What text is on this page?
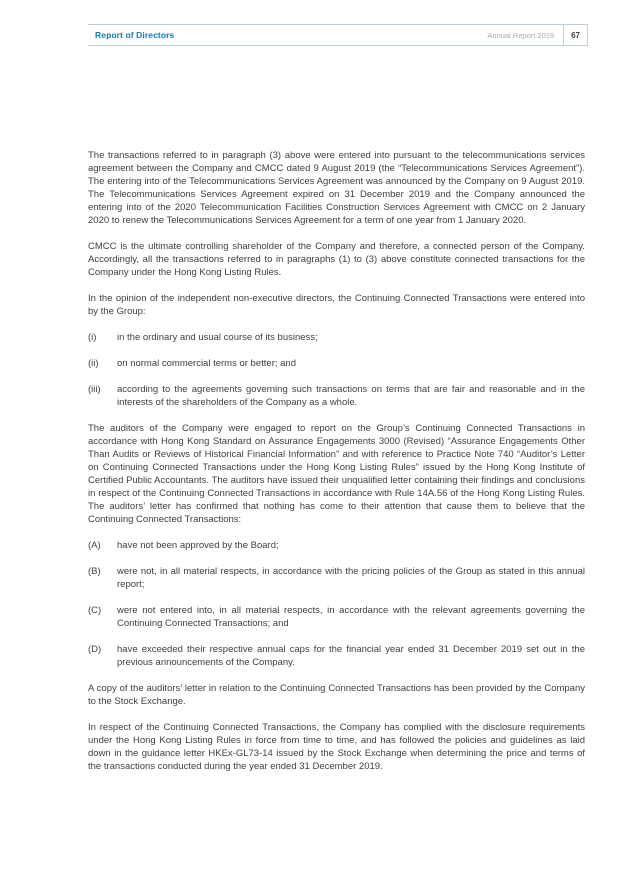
Report of Directors	Annual Report 2019	67

The transactions referred to in paragraph (3) above were entered into pursuant to the telecommunications services agreement between the Company and CMCC dated 9 August 2019 (the “Telecommunications Services Agreement”). The entering into of the Telecommunications Services Agreement was announced by the Company on 9 August 2019. The Telecommunications Services Agreement expired on 31 December 2019 and the Company announced the entering into of the 2020 Telecommunication Facilities Construction Services Agreement with CMCC on 2 January 2020 to renew the Telecommunications Services Agreement for a term of one year from 1 January 2020.

CMCC is the ultimate controlling shareholder of the Company and therefore, a connected person of the Company. Accordingly, all the transactions referred to in paragraphs (1) to (3) above constitute connected transactions for the Company under the Hong Kong Listing Rules.

In the opinion of the independent non-executive directors, the Continuing Connected Transactions were entered into by the Group:

(i)	in the ordinary and usual course of its business;
(ii)	on normal commercial terms or better; and
(iii)	according to the agreements governing such transactions on terms that are fair and reasonable and in the interests of the shareholders of the Company as a whole.

The auditors of the Company were engaged to report on the Group’s Continuing Connected Transactions in accordance with Hong Kong Standard on Assurance Engagements 3000 (Revised) “Assurance Engagements Other Than Audits or Reviews of Historical Financial Information” and with reference to Practice Note 740 “Auditor’s Letter on Continuing Connected Transactions under the Hong Kong Listing Rules” issued by the Hong Kong Institute of Certified Public Accountants. The auditors have issued their unqualified letter containing their findings and conclusions in respect of the Continuing Connected Transactions in accordance with Rule 14A.56 of the Hong Kong Listing Rules. The auditors’ letter has confirmed that nothing has come to their attention that cause them to believe that the Continuing Connected Transactions:

(A)	have not been approved by the Board;
(B)	were not, in all material respects, in accordance with the pricing policies of the Group as stated in this annual report;
(C)	were not entered into, in all material respects, in accordance with the relevant agreements governing the Continuing Connected Transactions; and
(D)	have exceeded their respective annual caps for the financial year ended 31 December 2019 set out in the previous announcements of the Company.

A copy of the auditors’ letter in relation to the Continuing Connected Transactions has been provided by the Company to the Stock Exchange.

In respect of the Continuing Connected Transactions, the Company has complied with the disclosure requirements under the Hong Kong Listing Rules in force from time to time, and has followed the policies and guidelines as laid down in the guidance letter HKEx-GL73-14 issued by the Stock Exchange when determining the price and terms of the transactions conducted during the year ended 31 December 2019.
